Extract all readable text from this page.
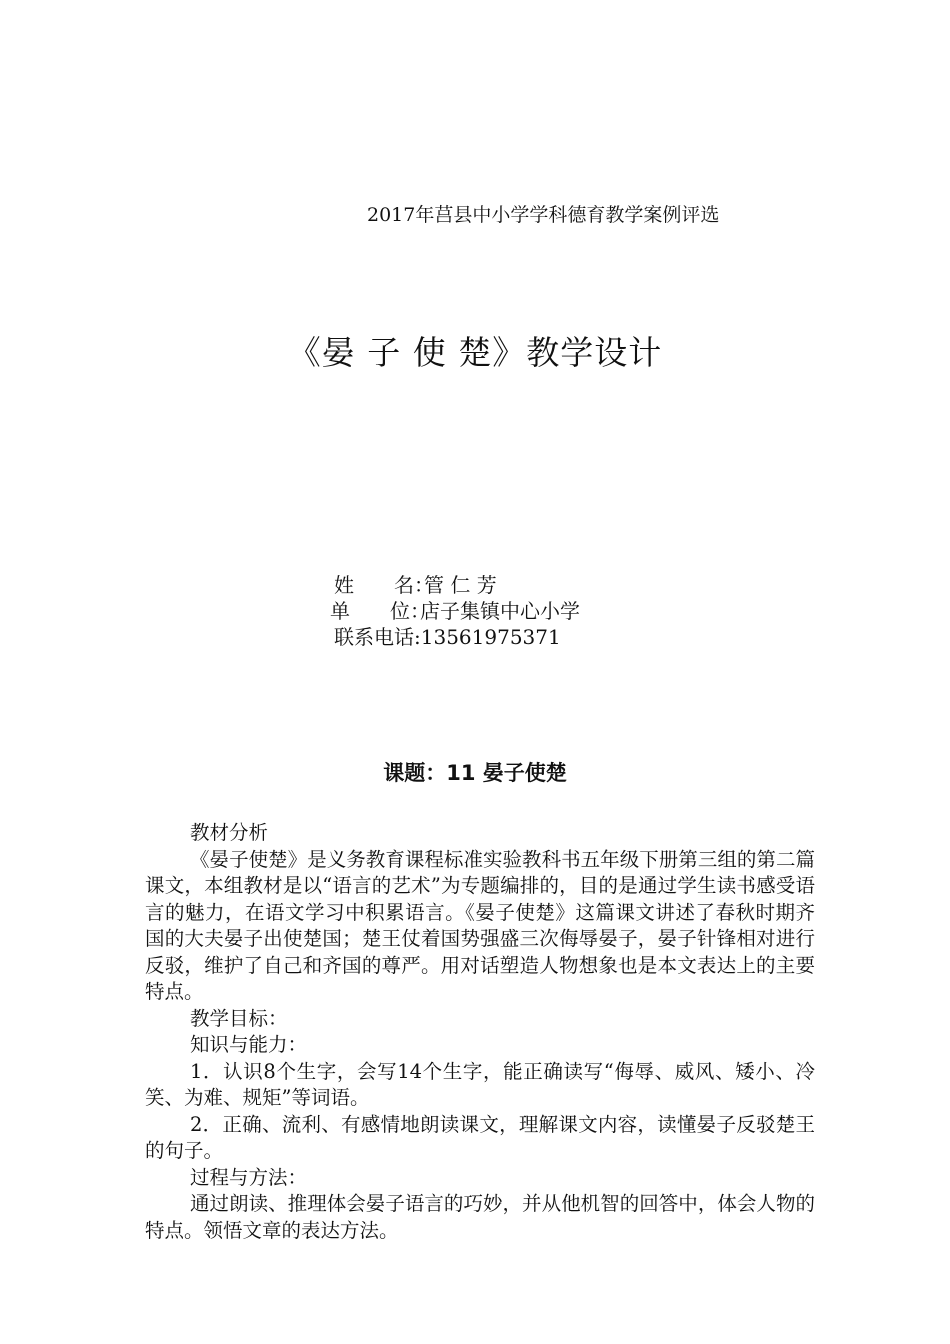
2017年莒县中小学学科德育教学案例评选
《晏 子 使 楚》教学设计
姓　　名：
管 仁 芳
单　　位：
店子集镇中心小学
联系电话: 13561975371
课题：11 晏子使楚

教材分析

《晏子使楚》是义务教育课程标准实验教科书五年级下册第三组的第二篇课文，本组教材是以“语言的艺术”为专题编排的，目的是通过学生读书感受语言的魅力，在语文学习中积累语言。《晏子使楚》这篇课文讲述了春秋时期齐国的大夫晏子出使楚国；楚王仗着国势强盛三次侮辱晏子，晏子针锋相对进行反驳，维护了自己和齐国的尊严。用对话塑造人物想象也是本文表达上的主要特点。

教学目标：

知识与能力：

1．认识8个生字，会写14个生字，能正确读写“侮辱、威风、矮小、冷笑、为难、规矩”等词语。

2．正确、流利、有感情地朗读课文，理解课文内容，读懂晏子反驳楚王的句子。

过程与方法：

通过朗读、推理体会晏子语言的巧妙，并从他机智的回答中，体会人物的特点。领悟文章的表达方法。
